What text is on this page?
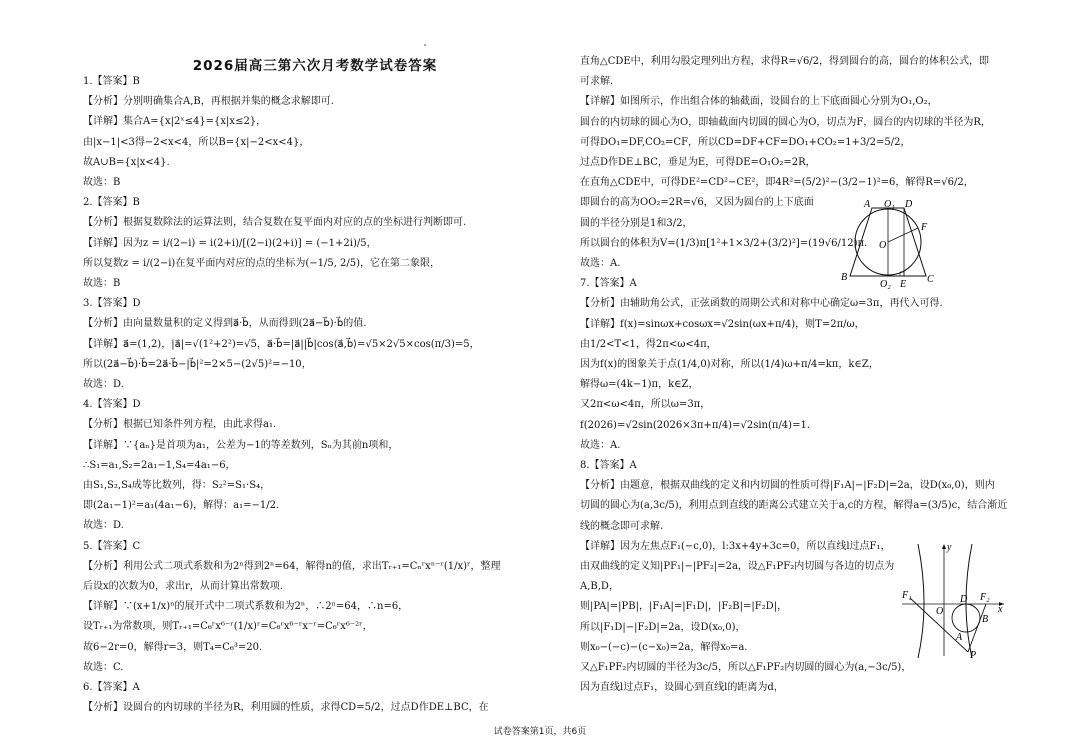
2026届高三第六次月考数学试卷答案
1.【答案】B
【分析】分别明确集合A,B，再根据并集的概念求解即可.
【详解】集合A={x|2ˣ≤4}={x|x≤2}，
由|x−1|<3得−2<x<4，所以B={x|−2<x<4}，
故A∪B={x|x<4}.
故选：B
2.【答案】B
【分析】根据复数除法的运算法则，结合复数在复平面内对应的点的坐标进行判断即可.
【详解】因为z = i/(2−i) = i(2+i)/[(2−i)(2+i)] = (−1+2i)/5，
所以复数z = i/(2−i)在复平面内对应的点的坐标为(−1/5, 2/5)，它在第二象限，
故选：B
3.【答案】D
【分析】由向量数量积的定义得到a⃗·b⃗，从而得到(2a⃗−b⃗)·b⃗的值.
【详解】a⃗=(1,2)，|a⃗|=√(1²+2²)=√5，a⃗·b⃗=|a⃗||b⃗|cos⟨a⃗,b⃗⟩=√5×2√5×cos(π/3)=5，
所以(2a⃗−b⃗)·b⃗=2a⃗·b⃗−|b⃗|²=2×5−(2√5)²=−10，
故选：D.
4.【答案】D
【分析】根据已知条件列方程，由此求得a₁.
【详解】∵{aₙ}是首项为a₁，公差为−1的等差数列，Sₙ为其前n项和，
∴S₁=a₁,S₂=2a₁−1,S₄=4a₁−6，
由S₁,S₂,S₄成等比数列，得：S₂²=S₁·S₄，
即(2a₁−1)²=a₁(4a₁−6)，解得：a₁=−1/2.
故选：D.
5.【答案】C
【分析】利用公式二项式系数和为2ⁿ得到2ⁿ=64，解得n的值，求出Tᵣ₊₁=Cₙʳxⁿ⁻ʳ(1/x)ʳ，整理
后设x的次数为0，求出r，从而计算出常数项.
【详解】∵(x+1/x)ⁿ的展开式中二项式系数和为2ⁿ，∴2ⁿ=64，∴n=6，
设Tᵣ₊₁为常数项，则Tᵣ₊₁=C₆ʳx⁶⁻ʳ(1/x)ʳ=C₆ʳx⁶⁻ʳx⁻ʳ=C₆ʳx⁶⁻²ʳ，
故6−2r=0，解得r=3，则T₄=C₆³=20.
故选：C.
6.【答案】A
【分析】设圆台的内切球的半径为R，利用圆的性质，求得CD=5/2，过点D作DE⊥BC，在
直角△CDE中，利用勾股定理列出方程，求得R=√6/2，得到圆台的高，圆台的体积公式，即
可求解.
【详解】如图所示，作出组合体的轴截面，设圆台的上下底面圆心分别为O₁,O₂，
圆台的内切球的圆心为O，即轴截面内切圆的圆心为O，切点为F，圆台的内切球的半径为R，
可得DO₁=DF,CO₂=CF，所以CD=DF+CF=DO₁+CO₂=1+3/2=5/2，
过点D作DE⊥BC，垂足为E，可得DE=O₁O₂=2R，
在直角△CDE中，可得DE²=CD²−CE²，即4R²=(5/2)²−(3/2−1)²=6，解得R=√6/2，
即圆台的高为OO₂=2R=√6，又因为圆台的上下底面
圆的半径分别是1和3/2，
所以圆台的体积为V=(1/3)π[1²+1×3/2+(3/2)²]=(19√6/12)π.
故选：A.
7.【答案】A
【分析】由辅助角公式，正弦函数的周期公式和对称中心确定ω=3π，再代入可得.
【详解】f(x)=sinωx+cosωx=√2sin(ωx+π/4)，则T=2π/ω，
由1/2<T<1，得2π<ω<4π，
因为f(x)的图象关于点(1/4,0)对称，所以(1/4)ω+π/4=kπ，k∈Z，
解得ω=(4k−1)π，k∈Z，
又2π<ω<4π，所以ω=3π，
f(2026)=√2sin(2026×3π+π/4)=√2sin(π/4)=1.
故选：A.
8.【答案】A
【分析】由题意，根据双曲线的定义和内切圆的性质可得|F₁A|−|F₂D|=2a，设D(x₀,0)，则内
切圆的圆心为(a,3c/5)，利用点到直线的距离公式建立关于a,c的方程，解得a=(3/5)c，结合渐近
线的概念即可求解.
【详解】因为左焦点F₁(−c,0)，l:3x+4y+3c=0，所以直线l过点F₁，
由双曲线的定义知|PF₁|−|PF₂|=2a，设△F₁PF₂内切圆与各边的切点为
A,B,D，
则|PA|=|PB|，|F₁A|=|F₁D|，|F₂B|=|F₂D|，
所以|F₁D|−|F₂D|=2a，设D(x₀,0)，
则x₀−(−c)−(c−x₀)=2a，解得x₀=a.
又△F₁PF₂内切圆的半径为3c/5，所以△F₁PF₂内切圆的圆心为(a,−3c/5)，
因为直线l过点F₁，设圆心到直线l的距离为d，
A O₁ D
F
O
B
O₂ E C
y
F₁
O
D F₂
x
B
A
P
试卷答案第1页，共6页
